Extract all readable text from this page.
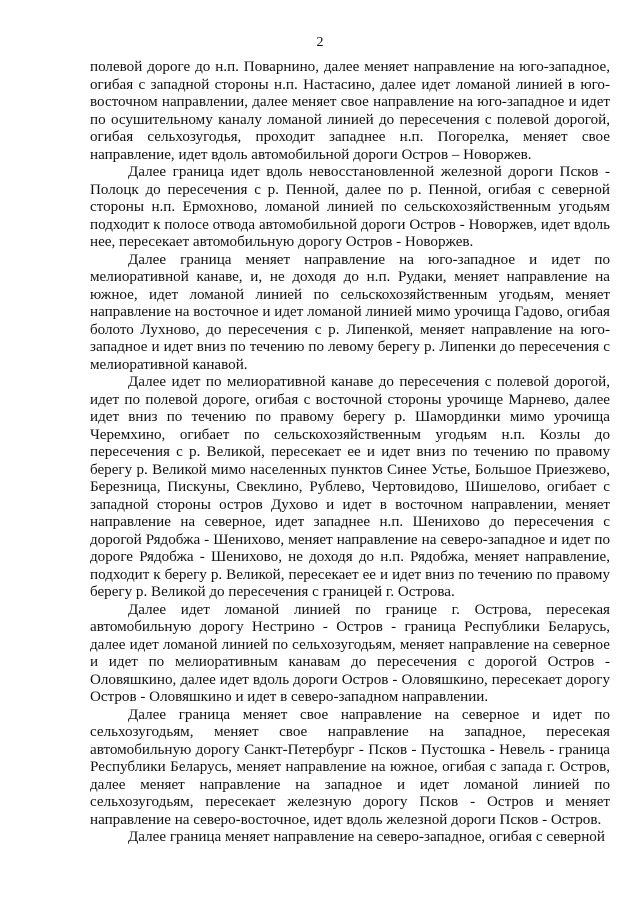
2

полевой дороге до н.п. Поварнино, далее меняет направление на юго-западное, огибая с западной стороны н.п. Настасино, далее идет ломаной линией в юго-восточном направлении, далее меняет свое направление на юго-западное и идет по осушительному каналу ломаной линией до пересечения с полевой дорогой, огибая сельхозугодья, проходит западнее н.п. Погорелка, меняет свое направление, идет вдоль автомобильной дороги Остров – Новоржев.

Далее граница идет вдоль невосстановленной железной дороги Псков - Полоцк до пересечения с р. Пенной, далее по р. Пенной, огибая с северной стороны н.п. Ермохново, ломаной линией по сельскохозяйственным угодьям подходит к полосе отвода автомобильной дороги Остров - Новоржев, идет вдоль нее, пересекает автомобильную дорогу Остров - Новоржев.

Далее граница меняет направление на юго-западное и идет по мелиоративной канаве, и, не доходя до н.п. Рудаки, меняет направление на южное, идет ломаной линией по сельскохозяйственным угодьям, меняет направление на восточное и идет ломаной линией мимо урочища Гадово, огибая болото Лухново, до пересечения с р. Липенкой, меняет направление на юго-западное и идет вниз по течению по левому берегу р. Липенки до пересечения с мелиоративной канавой.

Далее идет по мелиоративной канаве до пересечения с полевой дорогой, идет по полевой дороге, огибая с восточной стороны урочище Марнево, далее идет вниз по течению по правому берегу р. Шамординки мимо урочища Черемхино, огибает по сельскохозяйственным угодьям н.п. Козлы до пересечения с р. Великой, пересекает ее и идет вниз по течению по правому берегу р. Великой мимо населенных пунктов Синее Устье, Большое Приезжево, Березница, Пискуны, Свеклино, Рублево, Чертовидово, Шишелово, огибает с западной стороны остров Духово и идет в восточном направлении, меняет направление на северное, идет западнее н.п. Шенихово до пересечения с дорогой Рядобжа - Шенихово, меняет направление на северо-западное и идет по дороге Рядобжа - Шенихово, не доходя до н.п. Рядобжа, меняет направление, подходит к берегу р. Великой, пересекает ее и идет вниз по течению по правому берегу р. Великой до пересечения с границей г. Острова.

Далее идет ломаной линией по границе г. Острова, пересекая автомобильную дорогу Нестрино - Остров - граница Республики Беларусь, далее идет ломаной линией по сельхозугодьям, меняет направление на северное и идет по мелиоративным канавам до пересечения с дорогой Остров - Оловяшкино, далее идет вдоль дороги Остров - Оловяшкино, пересекает дорогу Остров - Оловяшкино и идет в северо-западном направлении.

Далее граница меняет свое направление на северное и идет по сельхозугодьям, меняет свое направление на западное, пересекая автомобильную дорогу Санкт-Петербург - Псков - Пустошка - Невель - граница Республики Беларусь, меняет направление на южное, огибая с запада г. Остров, далее меняет направление на западное и идет ломаной линией по сельхозугодьям, пересекает железную дорогу Псков - Остров и меняет направление на северо-восточное, идет вдоль железной дороги Псков - Остров.

Далее граница меняет направление на северо-западное, огибая с северной
